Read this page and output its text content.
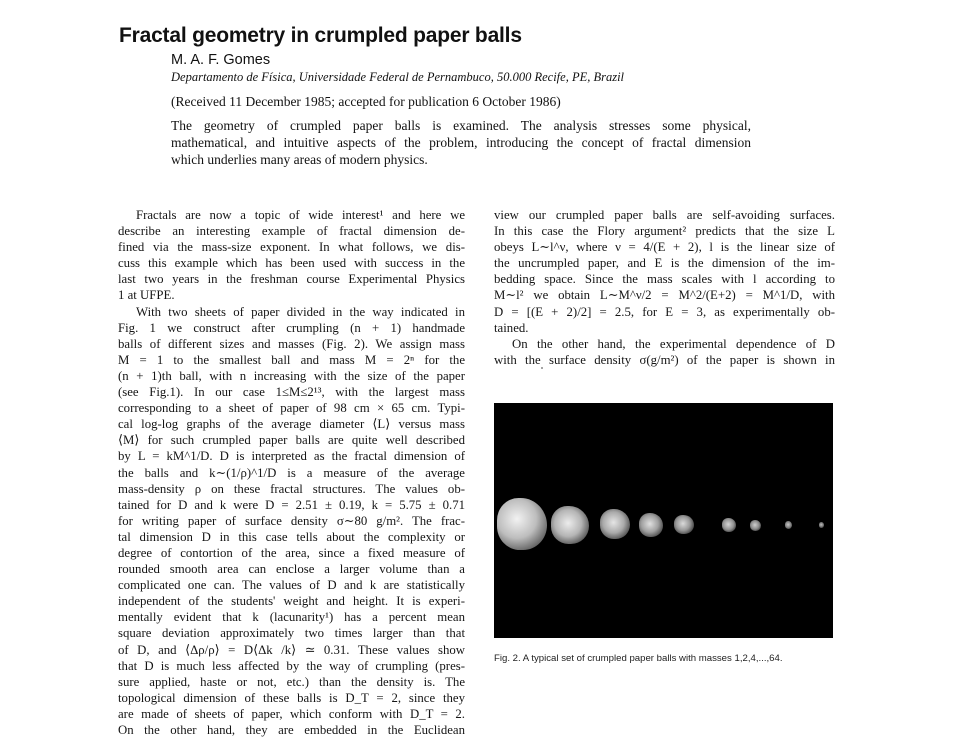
Fractal geometry in crumpled paper balls
M. A. F. Gomes
Departamento de Física, Universidade Federal de Pernambuco, 50.000 Recife, PE, Brazil
(Received 11 December 1985; accepted for publication 6 October 1986)
The geometry of crumpled paper balls is examined. The analysis stresses some physical,
mathematical, and intuitive aspects of the problem, introducing the concept of fractal dimension
which underlies many areas of modern physics.
Fractals are now a topic of wide interest¹ and here we
describe an interesting example of fractal dimension de-
fined via the mass-size exponent. In what follows, we dis-
cuss this example which has been used with success in the
last two years in the freshman course Experimental Physics
1 at UFPE.
With two sheets of paper divided in the way indicated in
Fig. 1 we construct after crumpling (n + 1) handmade
balls of different sizes and masses (Fig. 2). We assign mass
M = 1 to the smallest ball and mass M = 2ⁿ for the
(n + 1)th ball, with n increasing with the size of the paper
(see Fig.1). In our case 1≤M≤2¹³, with the largest mass
corresponding to a sheet of paper of 98 cm × 65 cm. Typi-
cal log-log graphs of the average diameter ⟨L⟩ versus mass
⟨M⟩ for such crumpled paper balls are quite well described
by L = kM^1/D. D is interpreted as the fractal dimension of
the balls and k∼(1/ρ)^1/D is a measure of the average
mass-density ρ on these fractal structures. The values ob-
tained for D and k were D = 2.51 ± 0.19, k = 5.75 ± 0.71
for writing paper of surface density σ∼80 g/m². The frac-
tal dimension D in this case tells about the complexity or
degree of contortion of the area, since a fixed measure of
rounded smooth area can enclose a larger volume than a
complicated one can. The values of D and k are statistically
independent of the students' weight and height. It is experi-
mentally evident that k (lacunarity¹) has a percent mean
square deviation approximately two times larger than that
of D, and ⟨Δρ/ρ⟩ = D⟨Δk /k⟩ ≃ 0.31. These values show
that D is much less affected by the way of crumpling (pres-
sure applied, haste or not, etc.) than the density is. The
topological dimension of these balls is D_T = 2, since they
are made of sheets of paper, which conform with D_T = 2.
On the other hand, they are embedded in the Euclidean
view our crumpled paper balls are self-avoiding surfaces.
In this case the Flory argument² predicts that the size L
obeys L∼l^ν, where ν = 4/(E + 2), l is the linear size of
the uncrumpled paper, and E is the dimension of the im-
bedding space. Since the mass scales with l according to
M∼l² we obtain L∼M^ν/2 = M^2/(E+2) = M^1/D, with
D = [(E + 2)/2] = 2.5, for E = 3, as experimentally ob-
tained.
On the other hand, the experimental dependence of D
with the surface density σ(g/m²) of the paper is shown in
Fig. 2. A typical set of crumpled paper balls with masses 1,2,4,...,64.
